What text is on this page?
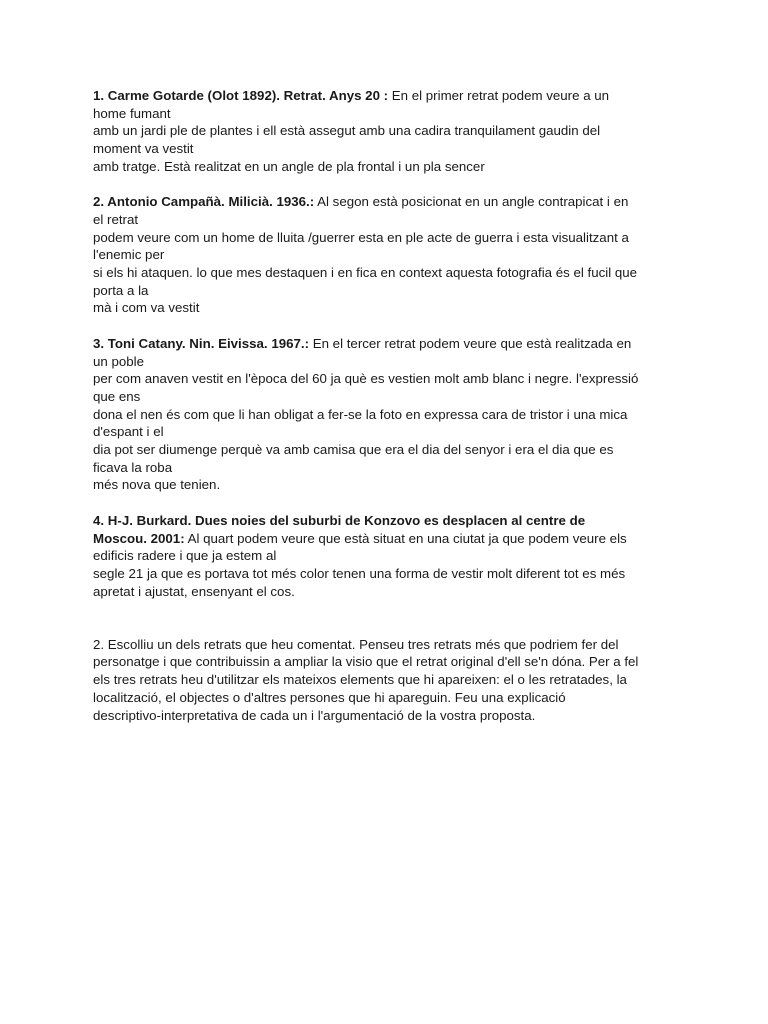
1. Carme Gotarde (Olot 1892). Retrat. Anys 20 : En el primer retrat podem veure a un
home fumant
amb un jardi ple de plantes i ell està assegut amb una cadira tranquilament gaudin del
moment va vestit
amb tratge. Està realitzat en un angle de pla frontal i un pla sencer
2. Antonio Campañà. Milicià. 1936.: Al segon està posicionat en un angle contrapicat i en
el retrat
podem veure com un home de lluita /guerrer esta en ple acte de guerra i esta visualitzant a
l'enemic per
si els hi ataquen. lo que mes destaquen i en fica en context aquesta fotografia és el fucil que
porta a la
mà i com va vestit
3. Toni Catany. Nin. Eivissa. 1967.: En el tercer retrat podem veure que està realitzada en
un poble
per com anaven vestit en l'època del 60 ja què es vestien molt amb blanc i negre. l'expressió
que ens
dona el nen és com que li han obligat a fer-se la foto en expressa cara de tristor i una mica
d'espant i el
dia pot ser diumenge perquè va amb camisa que era el dia del senyor i era el dia que es
ficava la roba
més nova que tenien.
4. H-J. Burkard. Dues noies del suburbi de Konzovo es desplacen al centre de
Moscou. 2001: Al quart podem veure que està situat en una ciutat ja que podem veure els
edificis radere i que ja estem al
segle 21 ja que es portava tot més color tenen una forma de vestir molt diferent tot es més
apretat i ajustat, ensenyant el cos.
2. Escolliu un dels retrats que heu comentat. Penseu tres retrats més que podriem fer del
personatge i que contribuissin a ampliar la visio que el retrat original d'ell se'n dóna. Per a fel
els tres retrats heu d'utilitzar els mateixos elements que hi apareixen: el o les retratades, la
localització, el objectes o d'altres persones que hi apareguin. Feu una explicació
descriptivo-interpretativa de cada un i l'argumentació de la vostra proposta.
